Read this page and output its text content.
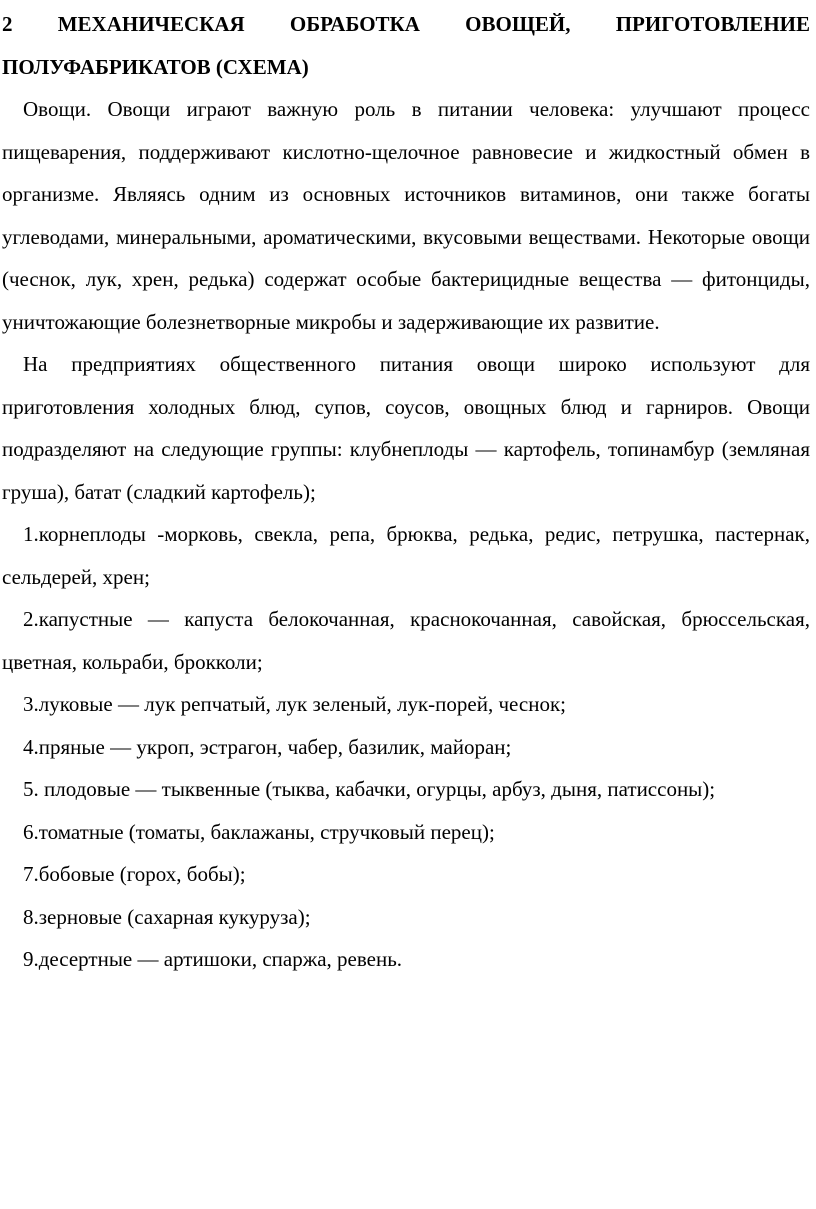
2 МЕХАНИЧЕСКАЯ ОБРАБОТКА ОВОЩЕЙ, ПРИГОТОВЛЕНИЕ ПОЛУФАБРИКАТОВ (СХЕМА)

Овощи. Овощи играют важную роль в питании человека: улучшают процесс пищеварения, поддерживают кислотно-щелочное равновесие и жидкостный обмен в организме. Являясь одним из основных источников витаминов, они также богаты углеводами, минеральными, ароматическими, вкусовыми веществами. Некоторые овощи (чеснок, лук, хрен, редька) содержат особые бактерицидные вещества — фитонциды, уничтожающие болезнетворные микробы и задерживающие их развитие.

На предприятиях общественного питания овощи широко используют для приготовления холодных блюд, супов, соусов, овощных блюд и гарниров. Овощи подразделяют на следующие группы: клубнеплоды — картофель, топинамбур (земляная груша), батат (сладкий картофель);

1.корнеплоды -морковь, свекла, репа, брюква, редька, редис, петрушка, пастернак, сельдерей, хрен;

2.капустные — капуста белокочанная, краснокочанная, савойская, брюссельская, цветная, кольраби, брокколи;

3.луковые — лук репчатый, лук зеленый, лук-порей, чеснок;

4.пряные — укроп, эстрагон, чабер, базилик, майоран;

5. плодовые — тыквенные (тыква, кабачки, огурцы, арбуз, дыня, патиссоны);

6.томатные (томаты, баклажаны, стручковый перец);

7.бобовые (горох, бобы);

8.зерновые (сахарная кукуруза);

9.десертные — артишоки, спаржа, ревень.
